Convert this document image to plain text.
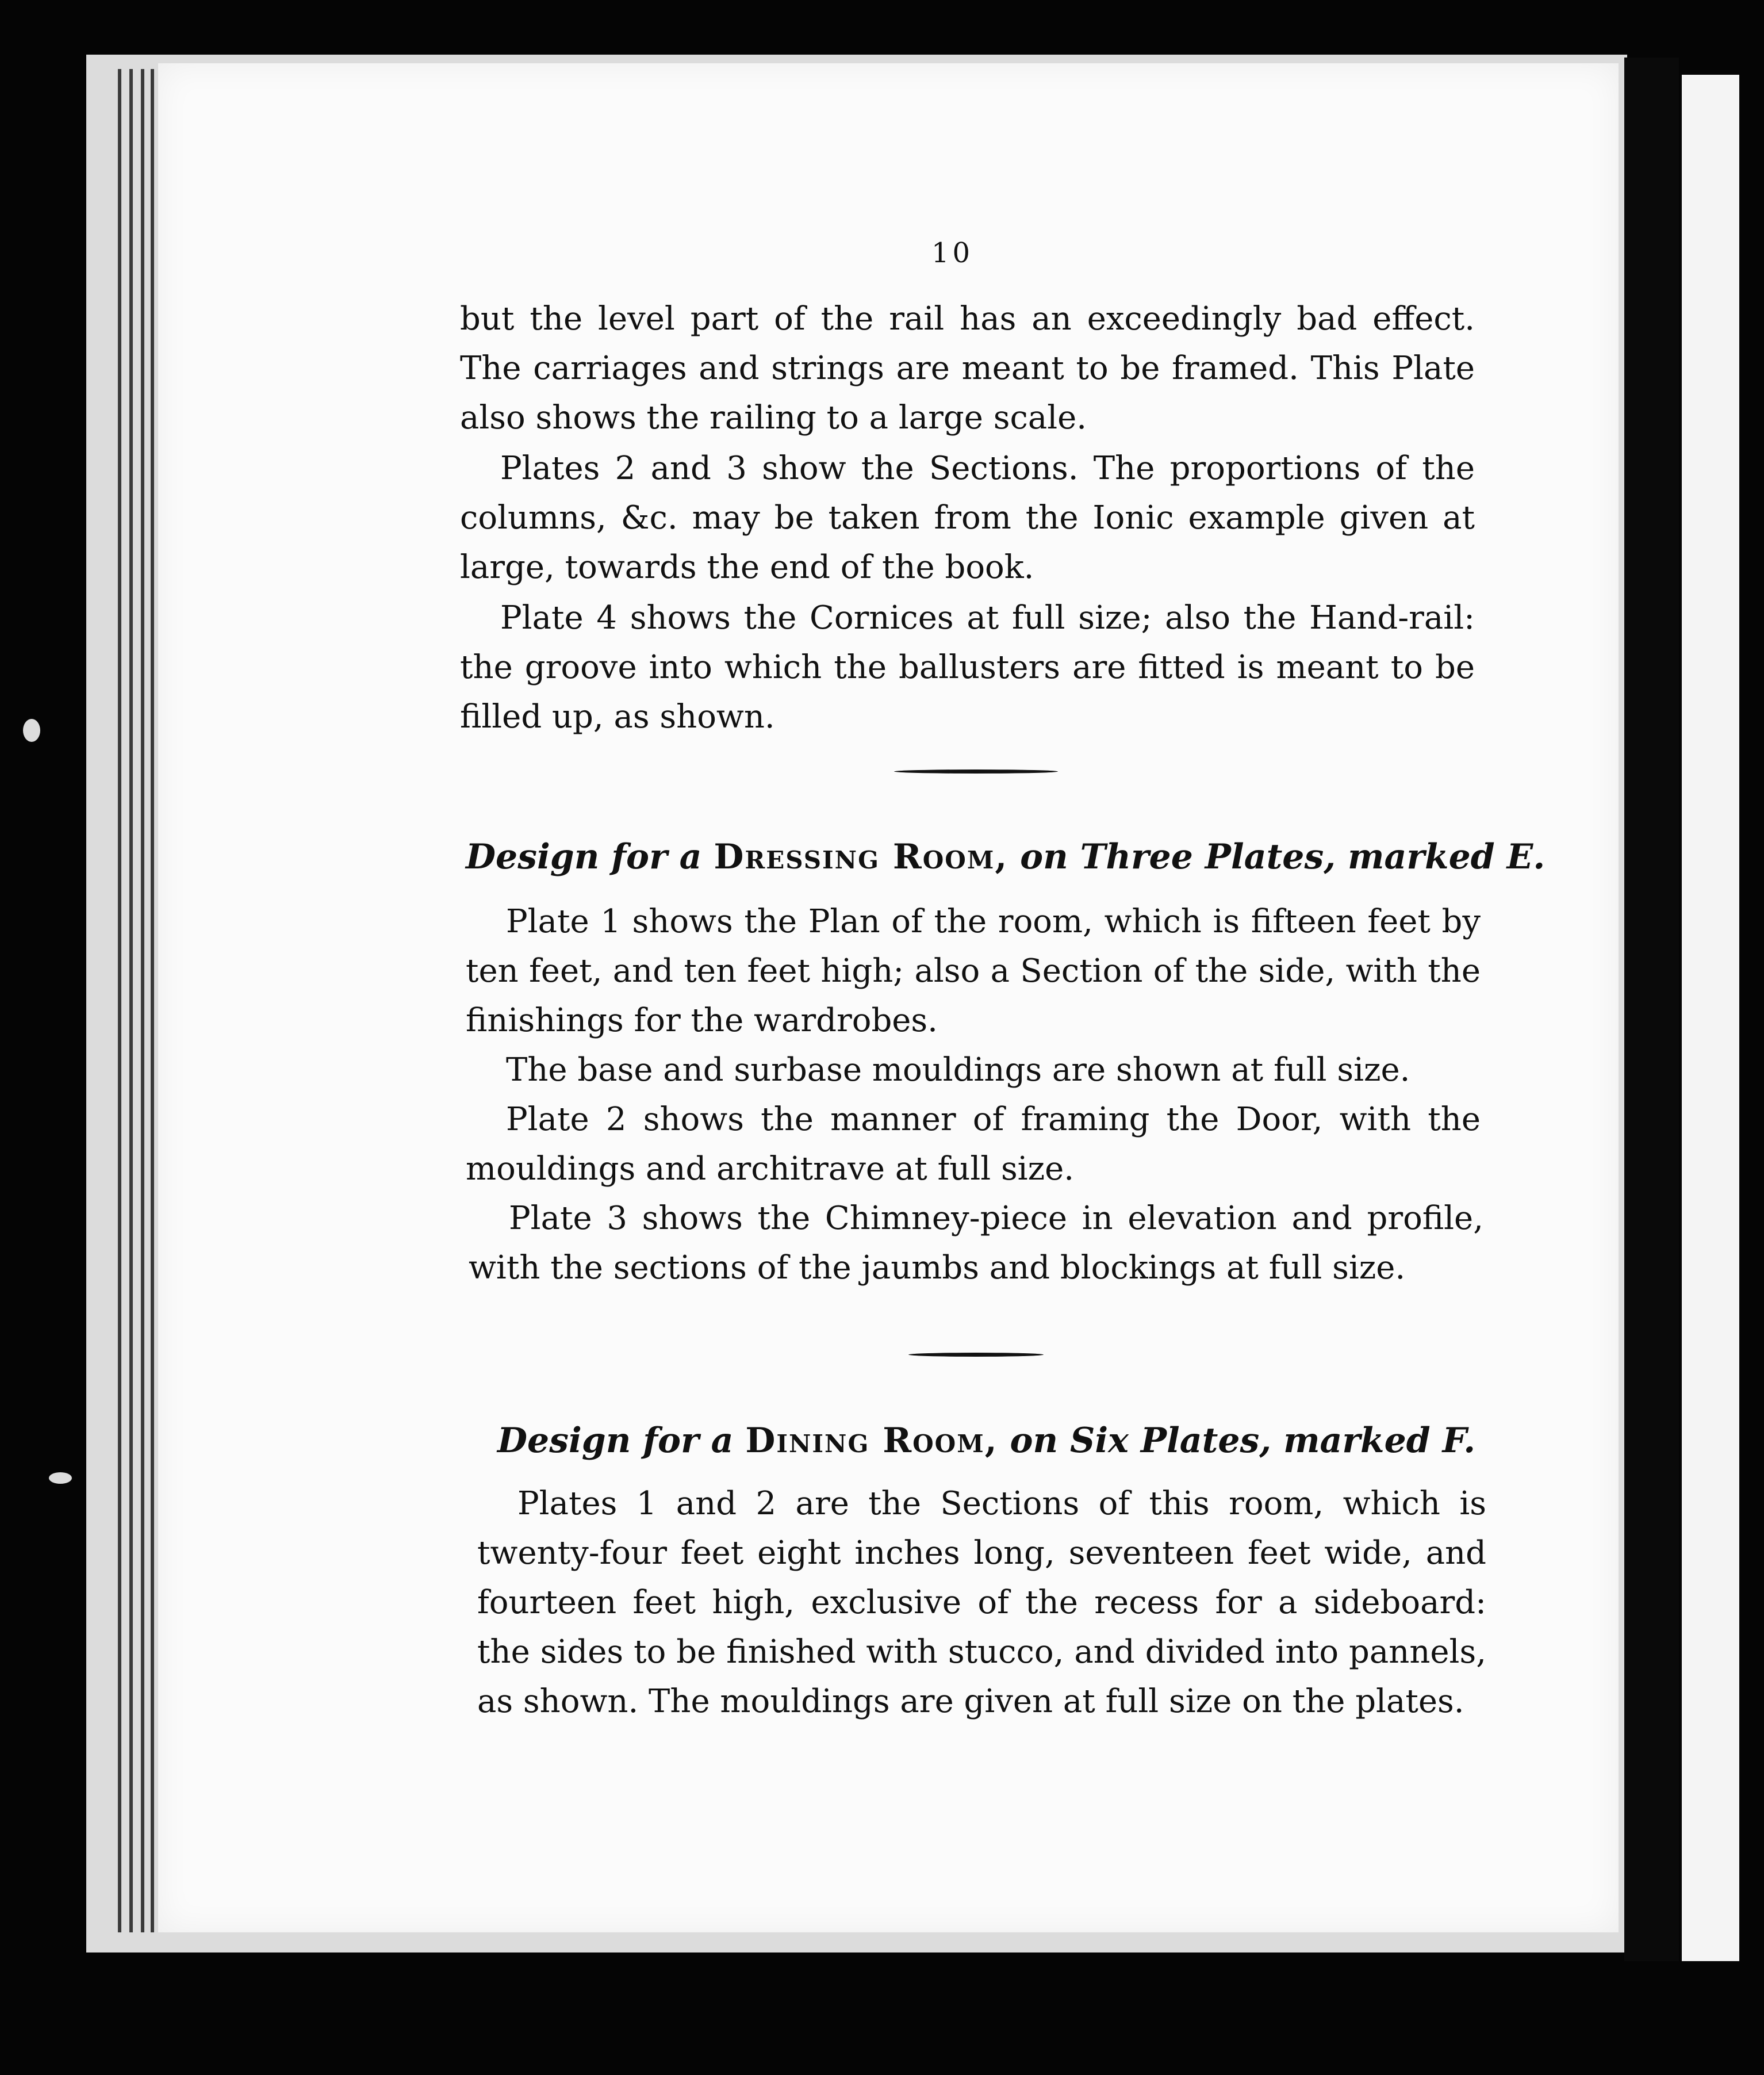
10

but the level part of the rail has an exceedingly bad effect. The carriages and strings are meant to be framed. This Plate also shows the railing to a large scale.

Plates 2 and 3 show the Sections. The proportions of the columns, &c. may be taken from the Ionic example given at large, towards the end of the book.

Plate 4 shows the Cornices at full size; also the Hand-rail: the groove into which the ballusters are fitted is meant to be filled up, as shown.

Design for a Dressing Room, on Three Plates, marked E.

Plate 1 shows the Plan of the room, which is fifteen feet by ten feet, and ten feet high; also a Section of the side, with the finishings for the wardrobes.

The base and surbase mouldings are shown at full size.

Plate 2 shows the manner of framing the Door, with the mouldings and architrave at full size.

Plate 3 shows the Chimney-piece in elevation and profile, with the sections of the jaumbs and blockings at full size.

Design for a Dining Room, on Six Plates, marked F.

Plates 1 and 2 are the Sections of this room, which is twenty-four feet eight inches long, seventeen feet wide, and fourteen feet high, exclusive of the recess for a sideboard: the sides to be finished with stucco, and divided into pannels, as shown. The mouldings are given at full size on the plates.
